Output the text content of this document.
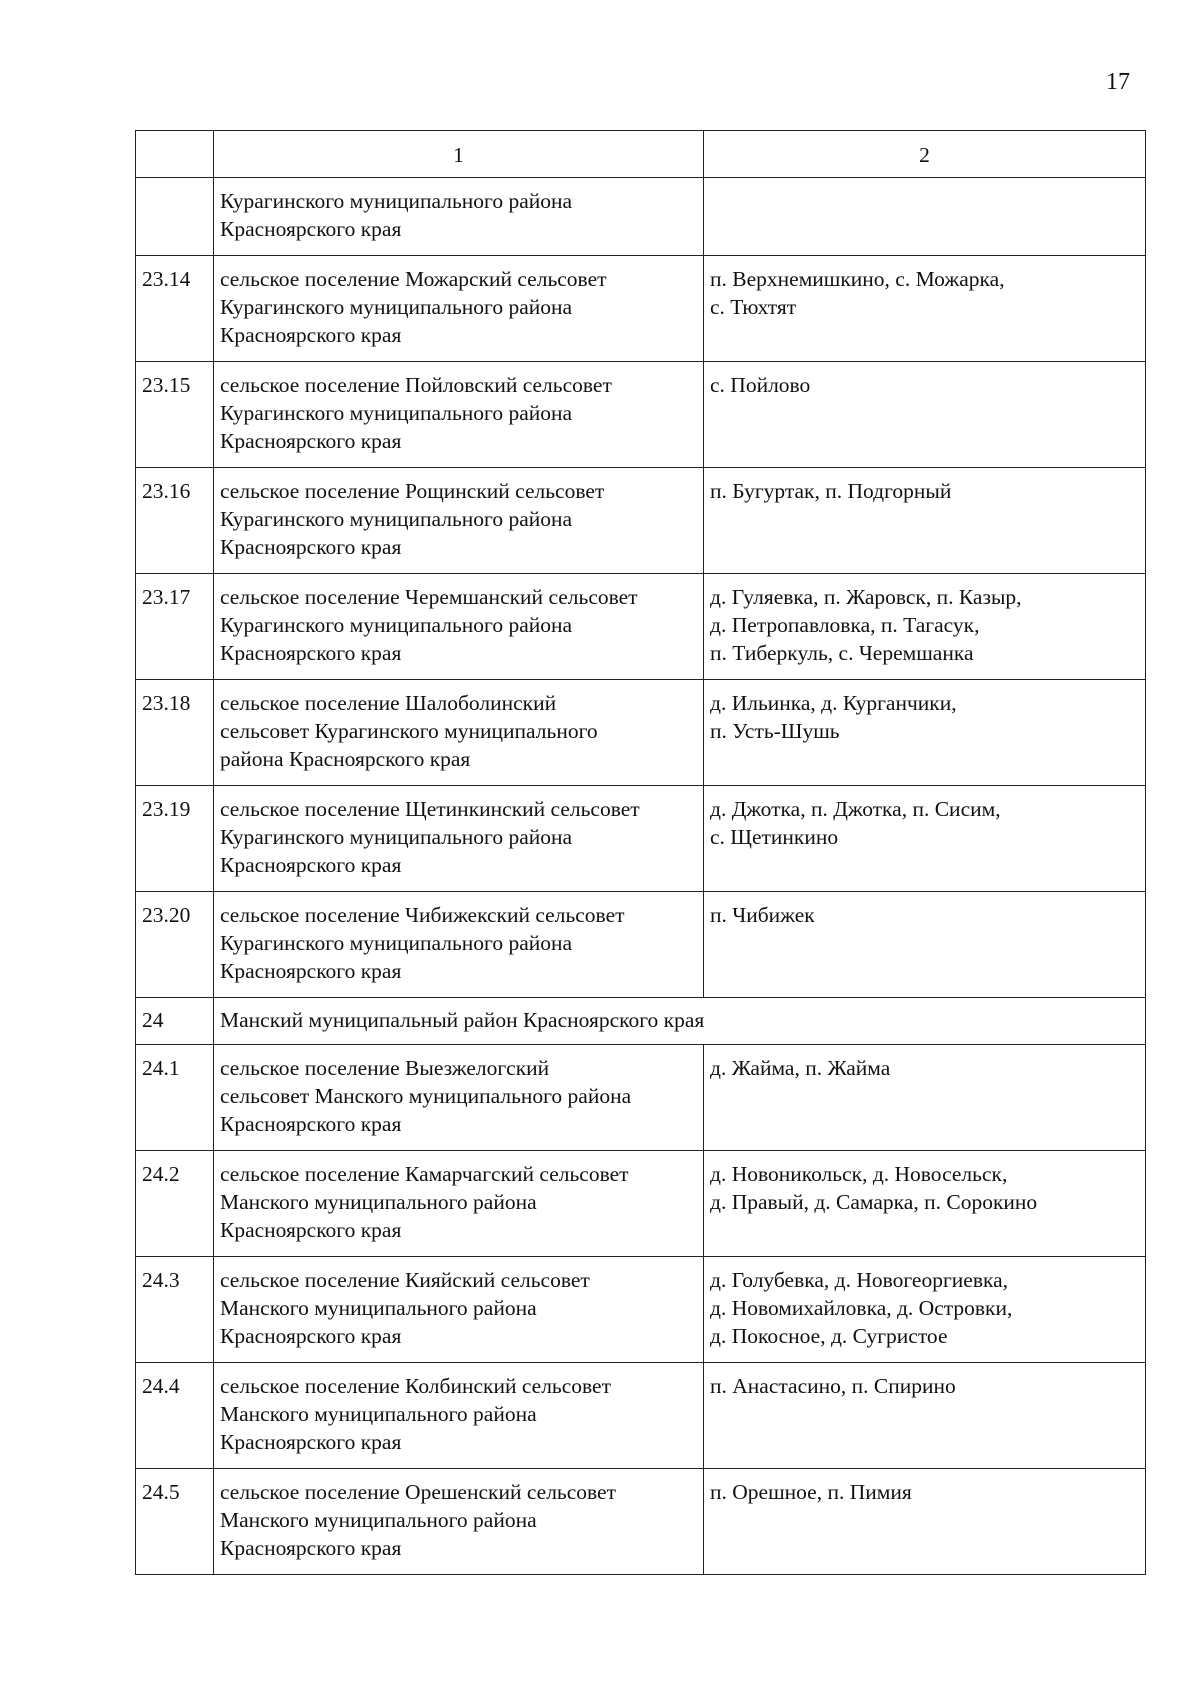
17
	1	2

	Курагинского муниципального района
Красноярского края	

23.14	сельское поселение Можарский сельсовет
Курагинского муниципального района
Красноярского края	п. Верхнемишкино, с. Можарка,
с. Тюхтят

23.15	сельское поселение Пойловский сельсовет
Курагинского муниципального района
Красноярского края	с. Пойлово

23.16	сельское поселение Рощинский сельсовет
Курагинского муниципального района
Красноярского края	п. Бугуртак, п. Подгорный

23.17	сельское поселение Черемшанский сельсовет
Курагинского муниципального района
Красноярского края	д. Гуляевка, п. Жаровск, п. Казыр,
д. Петропавловка, п. Тагасук,
п. Тиберкуль, с. Черемшанка

23.18	сельское поселение Шалоболинский
сельсовет Курагинского муниципального
района Красноярского края	д. Ильинка, д. Курганчики,
п. Усть-Шушь

23.19	сельское поселение Щетинкинский сельсовет
Курагинского муниципального района
Красноярского края	д. Джотка, п. Джотка, п. Сисим,
с. Щетинкино

23.20	сельское поселение Чибижекский сельсовет
Курагинского муниципального района
Красноярского края	п. Чибижек

24	Манский муниципальный район Красноярского края	
24.1	сельское поселение Выезжелогский
сельсовет Манского муниципального района
Красноярского края	д. Жайма, п. Жайма

24.2	сельское поселение Камарчагский сельсовет
Манского муниципального района
Красноярского края	д. Новоникольск, д. Новосельск,
д. Правый, д. Самарка, п. Сорокино

24.3	сельское поселение Кияйский сельсовет
Манского муниципального района
Красноярского края	д. Голубевка, д. Новогеоргиевка,
д. Новомихайловка, д. Островки,
д. Покосное, д. Сугристое

24.4	сельское поселение Колбинский сельсовет
Манского муниципального района
Красноярского края	п. Анастасино, п. Спирино

24.5	сельское поселение Орешенский сельсовет
Манского муниципального района
Красноярского края	п. Орешное, п. Пимия
